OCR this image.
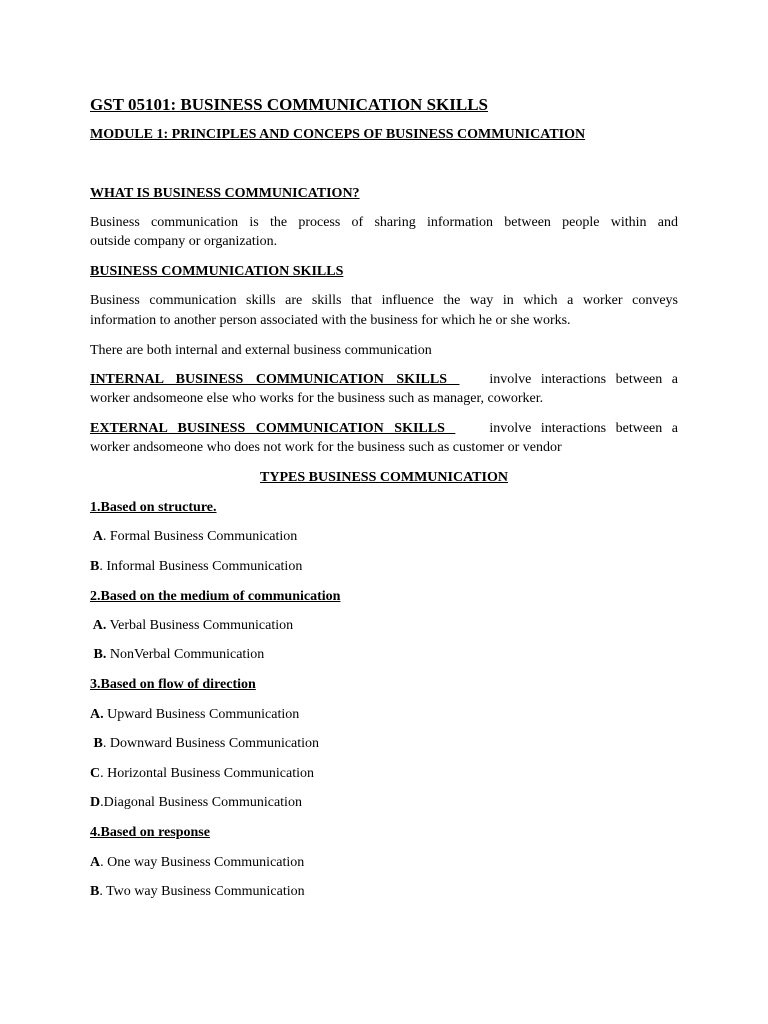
GST 05101: BUSINESS COMMUNICATION SKILLS
MODULE 1: PRINCIPLES AND CONCEPS OF BUSINESS COMMUNICATION
WHAT IS BUSINESS COMMUNICATION?
Business communication is the process of sharing information between people within and
outside company or organization.
BUSINESS COMMUNICATION SKILLS
Business communication skills are skills that influence the way in which a worker conveys
information to another person associated with the business for which he or she works.
There are both internal and external business communication
INTERNAL BUSINESS COMMUNICATION SKILLS involve interactions between a
worker andsomeone else who works for the business such as manager, coworker.
EXTERNAL BUSINESS COMMUNICATION SKILLS involve interactions between a
worker andsomeone who does not work for the business such as customer or vendor
TYPES BUSINESS COMMUNICATION
1.Based on structure.
A. Formal Business Communication
B. Informal Business Communication
2.Based on the medium of communication
A. Verbal Business Communication
B. NonVerbal Communication
3.Based on flow of direction
A. Upward Business Communication
B. Downward Business Communication
C. Horizontal Business Communication
D.Diagonal Business Communication
4.Based on response
A. One way Business Communication
B. Two way Business Communication
